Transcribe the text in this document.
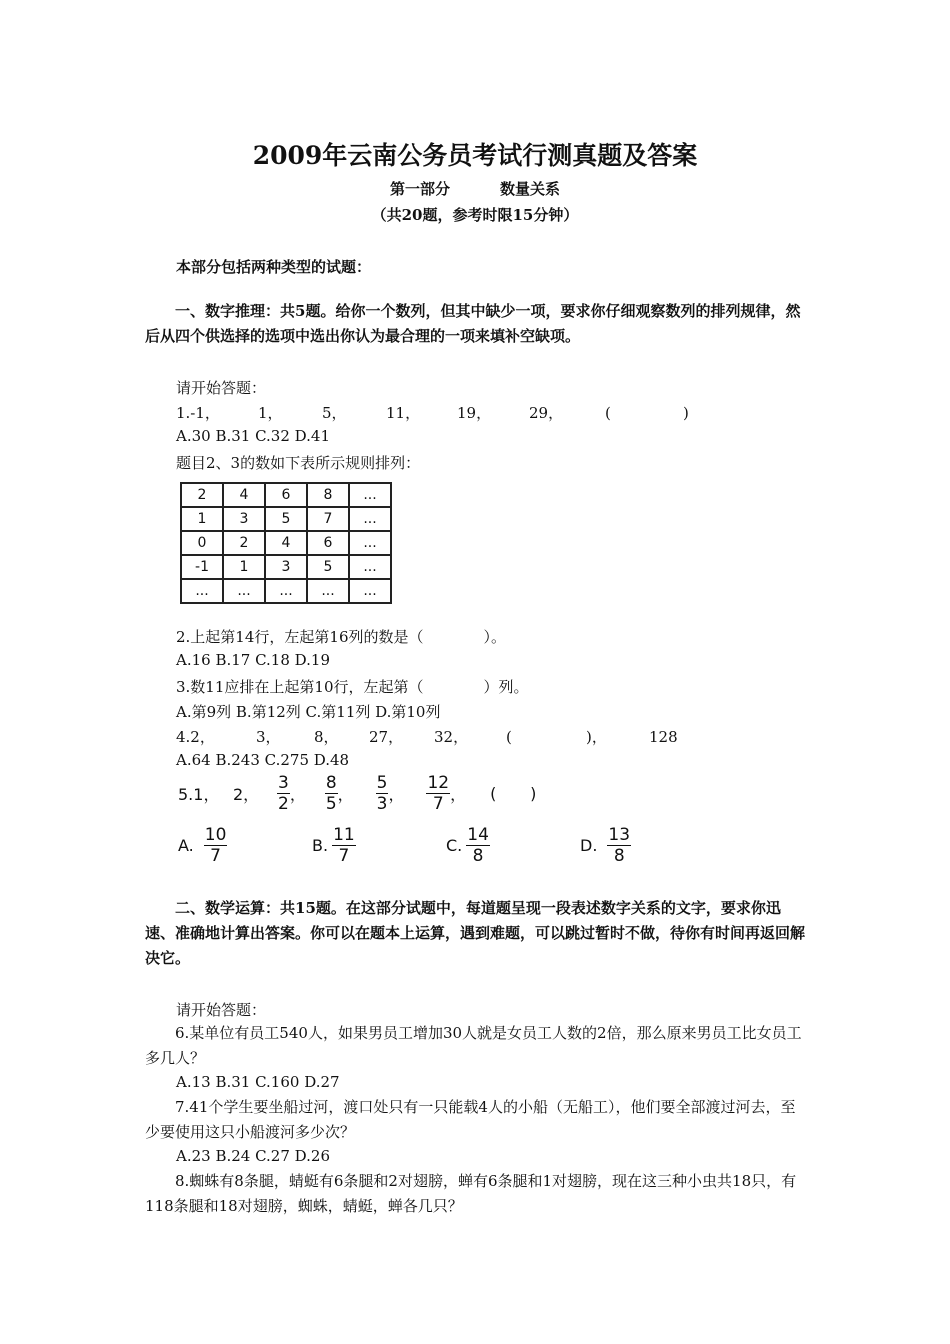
2009年云南公务员考试行测真题及答案
第一部分	数量关系
（共20题，参考时限15分钟）
本部分包括两种类型的试题：
一、数字推理：共5题。给你一个数列，但其中缺少一项，要求你仔细观察数列的排列规律，然后从四个供选择的选项中选出你认为最合理的一项来填补空缺项。
请开始答题：
1.-1，	1，	5，	11， 19，	29，	(	)
A.30 B.31 C.32 D.41
题目2、3的数如下表所示规则排列：
2	4	6	8	...
1	3	5	7	...
0	2	4	6	...
-1	1	3	5	...
...	...	...	...	...
2.上起第14行，左起第16列的数是（　　　　）。
A.16 B.17 C.18 D.19
3.数11应排在上起第10行，左起第（　　　　）列。
A.第9列 B.第12列 C.第11列 D.第10列
4.2，	3， 8， 27， 32，	(	)，	128
A.64 B.243 C.275 D.48
5.1， 2，	$\frac{3}{2}$ ，	$\frac{8}{5}$ ，	$\frac{5}{3}$ ，	$\frac{12}{7}$ ，	(	)
A. $\frac{10}{7}$	B. $\frac{11}{7}$	C. $\frac{14}{8}$	D. $\frac{13}{8}$
二、数学运算：共15题。在这部分试题中，每道题呈现一段表述数字关系的文字，要求你迅速、准确地计算出答案。你可以在题本上运算，遇到难题，可以跳过暂时不做，待你有时间再返回解决它。
请开始答题：
6.某单位有员工540人，如果男员工增加30人就是女员工人数的2倍，那么原来男员工比女员工多几人？
A.13 B.31 C.160 D.27
7.41个学生要坐船过河，渡口处只有一只能载4人的小船（无船工），他们要全部渡过河去，至少要使用这只小船渡河多少次？
A.23 B.24 C.27 D.26
8.蜘蛛有8条腿，蜻蜓有6条腿和2对翅膀，蝉有6条腿和1对翅膀，现在这三种小虫共18只，有118条腿和18对翅膀，蜘蛛，蜻蜓，蝉各几只？
